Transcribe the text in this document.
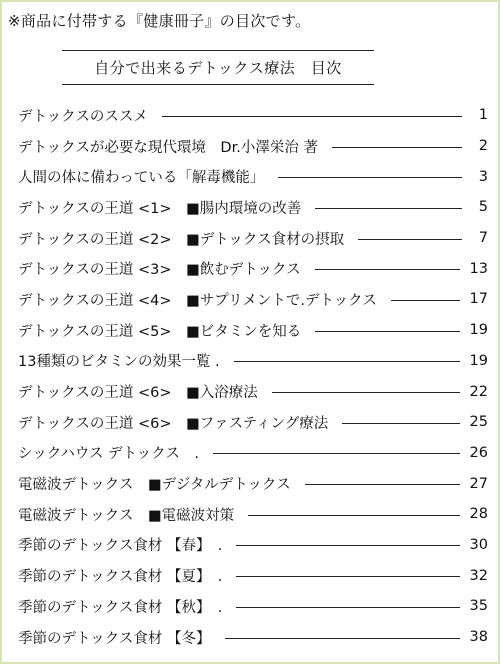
※商品に付帯する『健康冊子』の目次です。
自分で出来るデトックス療法　目次
デトックスのススメ	1
デトックスが必要な現代環境　Dr.小澤栄治 著	2
人間の体に備わっている「解毒機能」	3
デトックスの王道 <1>　■腸内環境の改善	5
デトックスの王道 <2>　■デトックス食材の摂取	7
デトックスの王道 <3>　■飲むデトックス	13
デトックスの王道 <4>　■サプリメントで.デトックス	17
デトックスの王道 <5>　■ビタミンを知る	19
13種類のビタミンの効果一覧 .	19
デトックスの王道 <6>　■入浴療法	22
デトックスの王道 <6>　■ファスティング療法	25
シックハウス デトックス　.	26
電磁波デトックス　■デジタルデトックス	27
電磁波デトックス　■電磁波対策	28
季節のデトックス食材 【春】　.	30
季節のデトックス食材 【夏】　.	32
季節のデトックス食材 【秋】　.	35
季節のデトックス食材 【冬】	38
